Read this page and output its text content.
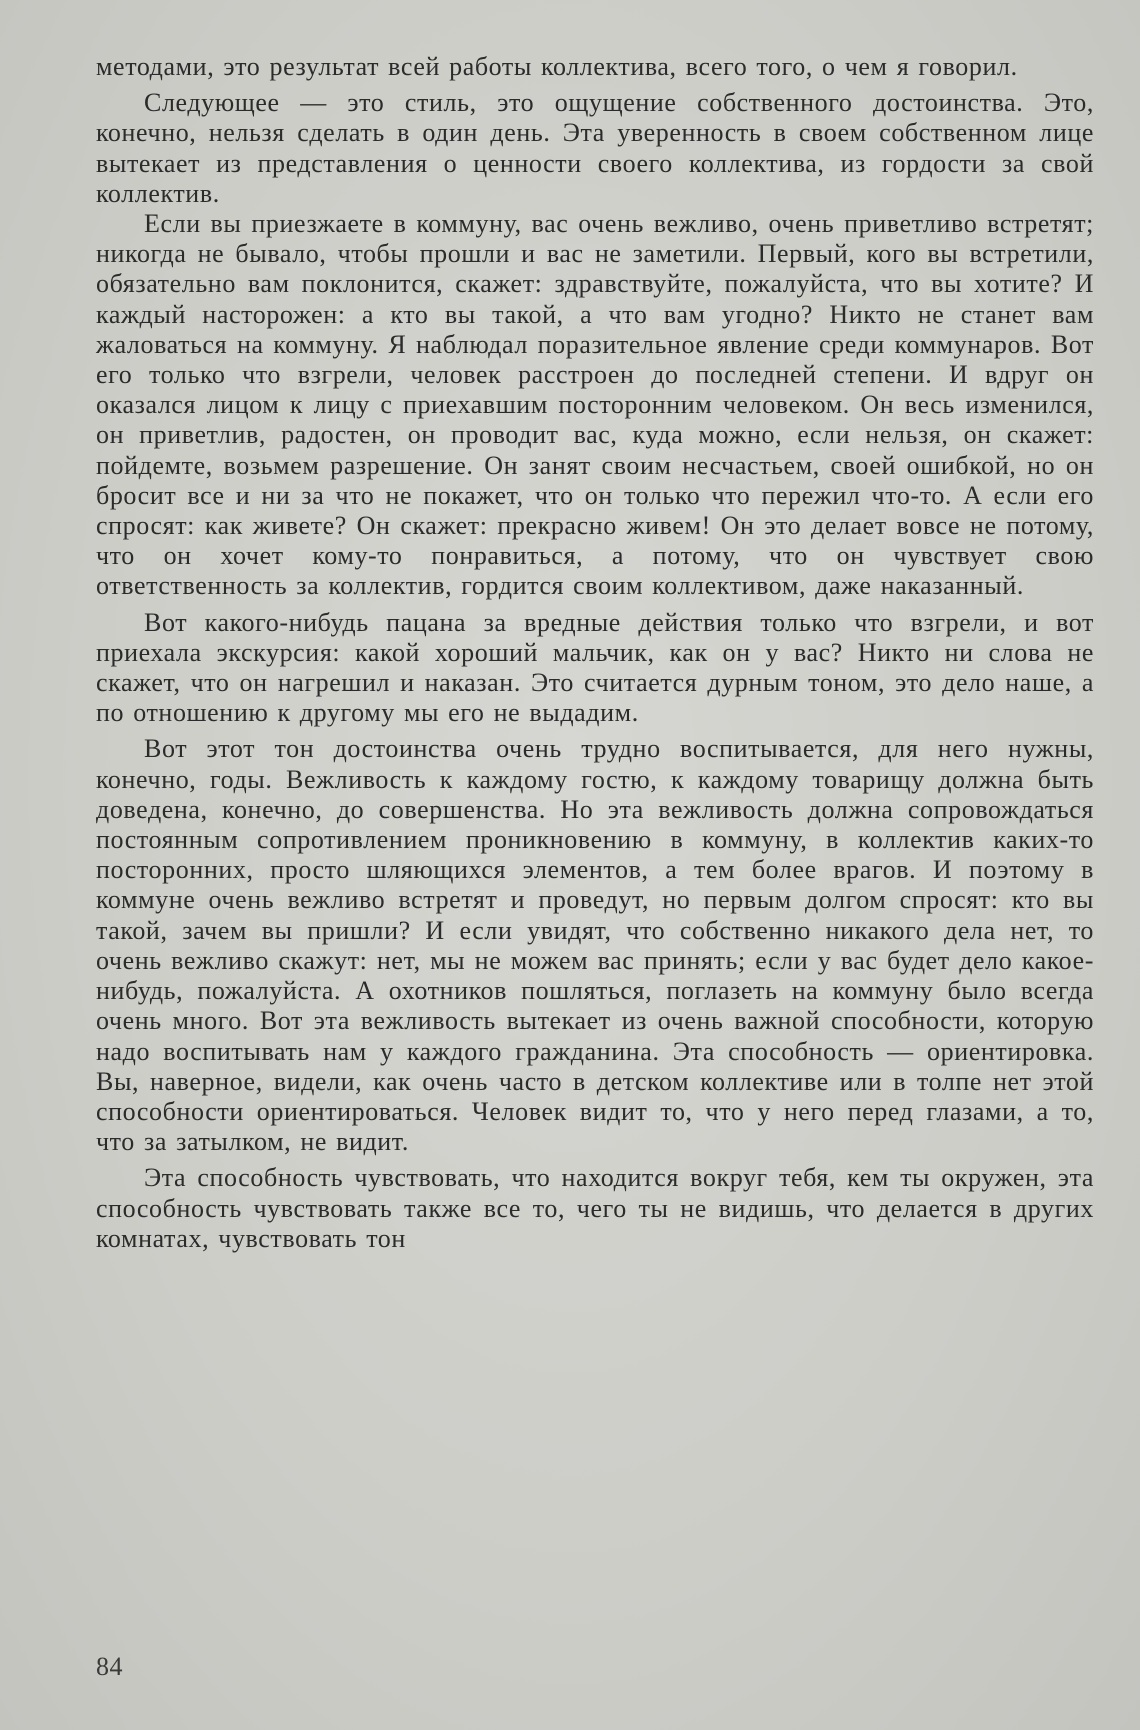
методами, это результат всей работы коллектива, всего того, о чем я говорил.

Следующее — это стиль, это ощущение собственного достоинства. Это, конечно, нельзя сделать в один день. Эта уверенность в своем собственном лице вытекает из представления о ценности своего коллектива, из гордости за свой коллектив.

Если вы приезжаете в коммуну, вас очень вежливо, очень приветливо встретят; никогда не бывало, чтобы прошли и вас не заметили. Первый, кого вы встретили, обязательно вам поклонится, скажет: здравствуйте, пожалуйста, что вы хотите? И каждый насторожен: а кто вы такой, а что вам угодно? Никто не станет вам жаловаться на коммуну. Я наблюдал поразительное явление среди коммунаров. Вот его только что взгрели, человек расстроен до последней степени. И вдруг он оказался лицом к лицу с приехавшим посторонним человеком. Он весь изменился, он приветлив, радостен, он проводит вас, куда можно, если нельзя, он скажет: пойдемте, возьмем разрешение. Он занят своим несчастьем, своей ошибкой, но он бросит все и ни за что не покажет, что он только что пережил что-то. А если его спросят: как живете? Он скажет: прекрасно живем! Он это делает вовсе не потому, что он хочет кому-то понравиться, а потому, что он чувствует свою ответственность за коллектив, гордится своим коллективом, даже наказанный.

Вот какого-нибудь пацана за вредные действия только что взгрели, и вот приехала экскурсия: какой хороший мальчик, как он у вас? Никто ни слова не скажет, что он нагрешил и наказан. Это считается дурным тоном, это дело наше, а по отношению к другому мы его не выдадим.

Вот этот тон достоинства очень трудно воспитывается, для него нужны, конечно, годы. Вежливость к каждому гостю, к каждому товарищу должна быть доведена, конечно, до совершенства. Но эта вежливость должна сопровождаться постоянным сопротивлением проникновению в коммуну, в коллектив каких-то посторонних, просто шляющихся элементов, а тем более врагов. И поэтому в коммуне очень вежливо встретят и проведут, но первым долгом спросят: кто вы такой, зачем вы пришли? И если увидят, что собственно никакого дела нет, то очень вежливо скажут: нет, мы не можем вас принять; если у вас будет дело какое-нибудь, пожалуйста. А охотников пошляться, поглазеть на коммуну было всегда очень много. Вот эта вежливость вытекает из очень важной способности, которую надо воспитывать нам у каждого гражданина. Эта способность — ориентировка. Вы, наверное, видели, как очень часто в детском коллективе или в толпе нет этой способности ориентироваться. Человек видит то, что у него перед глазами, а то, что за затылком, не видит.

Эта способность чувствовать, что находится вокруг тебя, кем ты окружен, эта способность чувствовать также все то, чего ты не видишь, что делается в других комнатах, чувствовать тон

84
